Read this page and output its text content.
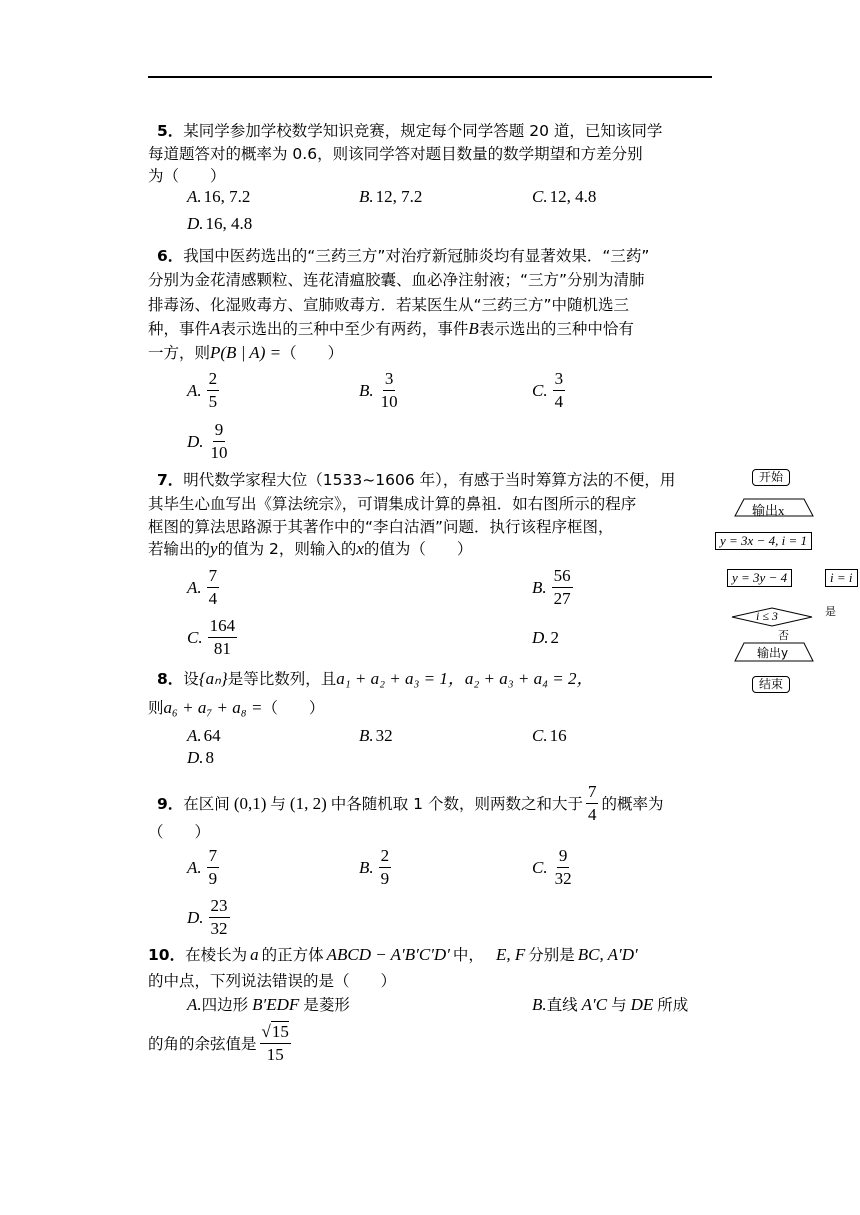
5．某同学参加学校数学知识竞赛，规定每个同学答题 20 道，已知该同学
每道题答对的概率为 0.6，则该同学答对题目数量的数学期望和方差分别
为（　　）
A. 16, 7.2	B. 12, 7.2	C. 12, 4.8
D. 16, 4.8
6．我国中医药选出的“三药三方”对治疗新冠肺炎均有显著效果．“三药”
分别为金花清感颗粒、连花清瘟胶囊、血必净注射液；“三方”分别为清肺
排毒汤、化湿败毒方、宣肺败毒方．若某医生从“三药三方”中随机选三
种，事件A表示选出的三种中至少有两药，事件B表示选出的三种中恰有
一方，则P(B | A) =（　　）
A. $\frac{2}{5}$	B. $\frac{3}{10}$	C. $\frac{3}{4}$
D. $\frac{9}{10}$
7．明代数学家程大位（1533~1606 年），有感于当时筹算方法的不便，用
其毕生心血写出《算法统宗》，可谓集成计算的鼻祖．如右图所示的程序
框图的算法思路源于其著作中的“李白沽酒”问题．执行该程序框图，
若输出的y的值为 2，则输入的x的值为（　　）
A. $\frac{7}{4}$	B. $\frac{56}{27}$
C. $\frac{164}{81}$	D. 2
开始
输出x
y = 3x − 4, i = 1
y = 3y − 4	i = i
i ≤ 3	是
否
输出y
结束
8．设{aₙ}是等比数列，且a₁ + a₂ + a₃ = 1，a₂ + a₃ + a₄ = 2，
则a₆ + a₇ + a₈ =（　　）
A. 64	B. 32	C. 16
D. 8
9． 在区间 (0,1) 与 (1, 2) 中各随机取 1 个数，则两数之和大于 $\frac{7}{4}$ 的概率为
（　　）
A. $\frac{7}{9}$	B. $\frac{2}{9}$	C. $\frac{9}{32}$
D. $\frac{23}{32}$
10．在棱长为 a 的正方体 ABCD − A′B′C′D′ 中， E, F 分别是 BC, A′D′
的中点，下列说法错误的是（　　）
A.四边形 B′EDF 是菱形	B.直线 A′C 与 DE 所成
的角的余弦值是 $\frac{√15}{15}$
